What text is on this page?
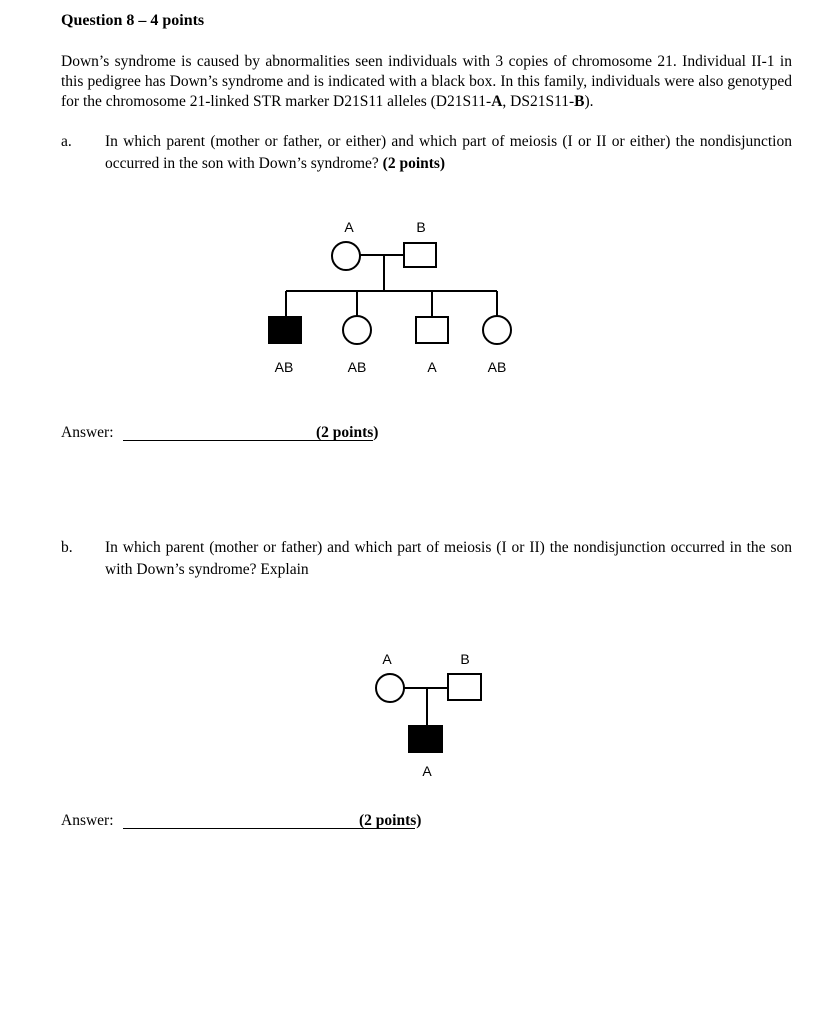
Question 8 – 4 points
Down’s syndrome is caused by abnormalities seen individuals with 3 copies of chromosome 21. Individual II-1 in this pedigree has Down’s syndrome and is indicated with a black box. In this family, individuals were also genotyped for the chromosome 21-linked STR marker D21S11 alleles (D21S11-A, DS21S11-B).
a. In which parent (mother or father, or either) and which part of meiosis (I or II or either) the nondisjunction occurred in the son with Down’s syndrome? (2 points)
A	B
AB	AB	A	AB
A	B
A
Answer:	(2 points)
b. In which parent (mother or father) and which part of meiosis (I or II) the nondisjunction occurred in the son with Down’s syndrome? Explain
Answer:	(2 points)
